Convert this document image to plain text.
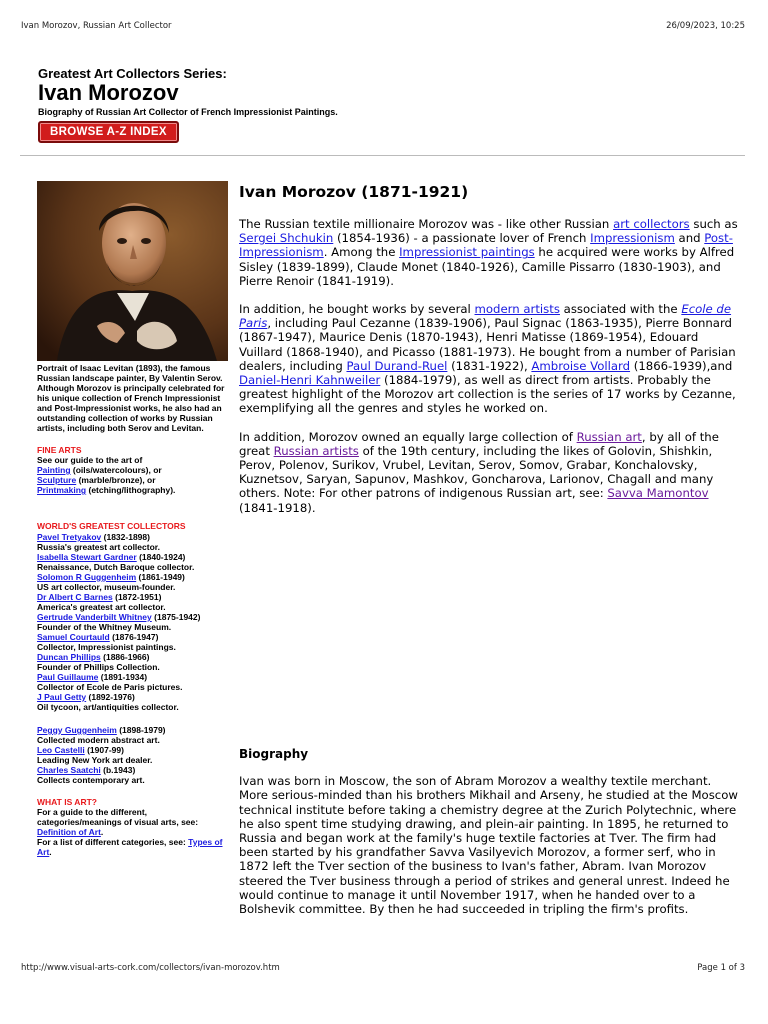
Ivan Morozov, Russian Art Collector	26/09/2023, 10:25

Greatest Art Collectors Series:

Ivan Morozov

Biography of Russian Art Collector of French Impressionist Paintings.

BROWSE A-Z INDEX

Portrait of Isaac Levitan (1893), the famous Russian landscape painter, By Valentin Serov. Although Morozov is principally celebrated for his unique collection of French Impressionist and Post-Impressionist works, he also had an outstanding collection of works by Russian artists, including both Serov and Levitan.

FINE ARTS
See our guide to the art of
Painting (oils/watercolours), or
Sculpture (marble/bronze), or
Printmaking (etching/lithography).
WORLD'S GREATEST COLLECTORS
Pavel Tretyakov (1832-1898)
Russia's greatest art collector.
Isabella Stewart Gardner (1840-1924)
Renaissance, Dutch Baroque collector.
Solomon R Guggenheim (1861-1949)
US art collector, museum-founder.
Dr Albert C Barnes (1872-1951)
America's greatest art collector.
Gertrude Vanderbilt Whitney (1875-1942)
Founder of the Whitney Museum.
Samuel Courtauld (1876-1947)
Collector, Impressionist paintings.
Duncan Phillips (1886-1966)
Founder of Phillips Collection.
Paul Guillaume (1891-1934)
Collector of Ecole de Paris pictures.
J Paul Getty (1892-1976)
Oil tycoon, art/antiquities collector.
Peggy Guggenheim (1898-1979)
Collected modern abstract art.
Leo Castelli (1907-99)
Leading New York art dealer.
Charles Saatchi (b.1943)
Collects contemporary art.
WHAT IS ART?
For a guide to the different, categories/meanings of visual arts, see: Definition of Art.
For a list of different categories, see: Types of Art.
Ivan Morozov (1871-1921)

The Russian textile millionaire Morozov was - like other Russian art collectors such as Sergei Shchukin (1854-1936) - a passionate lover of French Impressionism and Post-Impressionism. Among the Impressionist paintings he acquired were works by Alfred Sisley (1839-1899), Claude Monet (1840-1926), Camille Pissarro (1830-1903), and Pierre Renoir (1841-1919).

In addition, he bought works by several modern artists associated with the Ecole de Paris, including Paul Cezanne (1839-1906), Paul Signac (1863-1935), Pierre Bonnard (1867-1947), Maurice Denis (1870-1943), Henri Matisse (1869-1954), Edouard Vuillard (1868-1940), and Picasso (1881-1973). He bought from a number of Parisian dealers, including Paul Durand-Ruel (1831-1922), Ambroise Vollard (1866-1939),and Daniel-Henri Kahnweiler (1884-1979), as well as direct from artists. Probably the greatest highlight of the Morozov art collection is the series of 17 works by Cezanne, exemplifying all the genres and styles he worked on.

In addition, Morozov owned an equally large collection of Russian art, by all of the great Russian artists of the 19th century, including the likes of Golovin, Shishkin, Perov, Polenov, Surikov, Vrubel, Levitan, Serov, Somov, Grabar, Konchalovsky, Kuznetsov, Saryan, Sapunov, Mashkov, Goncharova, Larionov, Chagall and many others. Note: For other patrons of indigenous Russian art, see: Savva Mamontov (1841-1918).

Biography

Ivan was born in Moscow, the son of Abram Morozov a wealthy textile merchant. More serious-minded than his brothers Mikhail and Arseny, he studied at the Moscow technical institute before taking a chemistry degree at the Zurich Polytechnic, where he also spent time studying drawing, and plein-air painting. In 1895, he returned to Russia and began work at the family's huge textile factories at Tver. The firm had been started by his grandfather Savva Vasilyevich Morozov, a former serf, who in 1872 left the Tver section of the business to Ivan's father, Abram. Ivan Morozov steered the Tver business through a period of strikes and general unrest. Indeed he would continue to manage it until November 1917, when he handed over to a Bolshevik committee. By then he had succeeded in tripling the firm's profits.

http://www.visual-arts-cork.com/collectors/ivan-morozov.htm	Page 1 of 3
